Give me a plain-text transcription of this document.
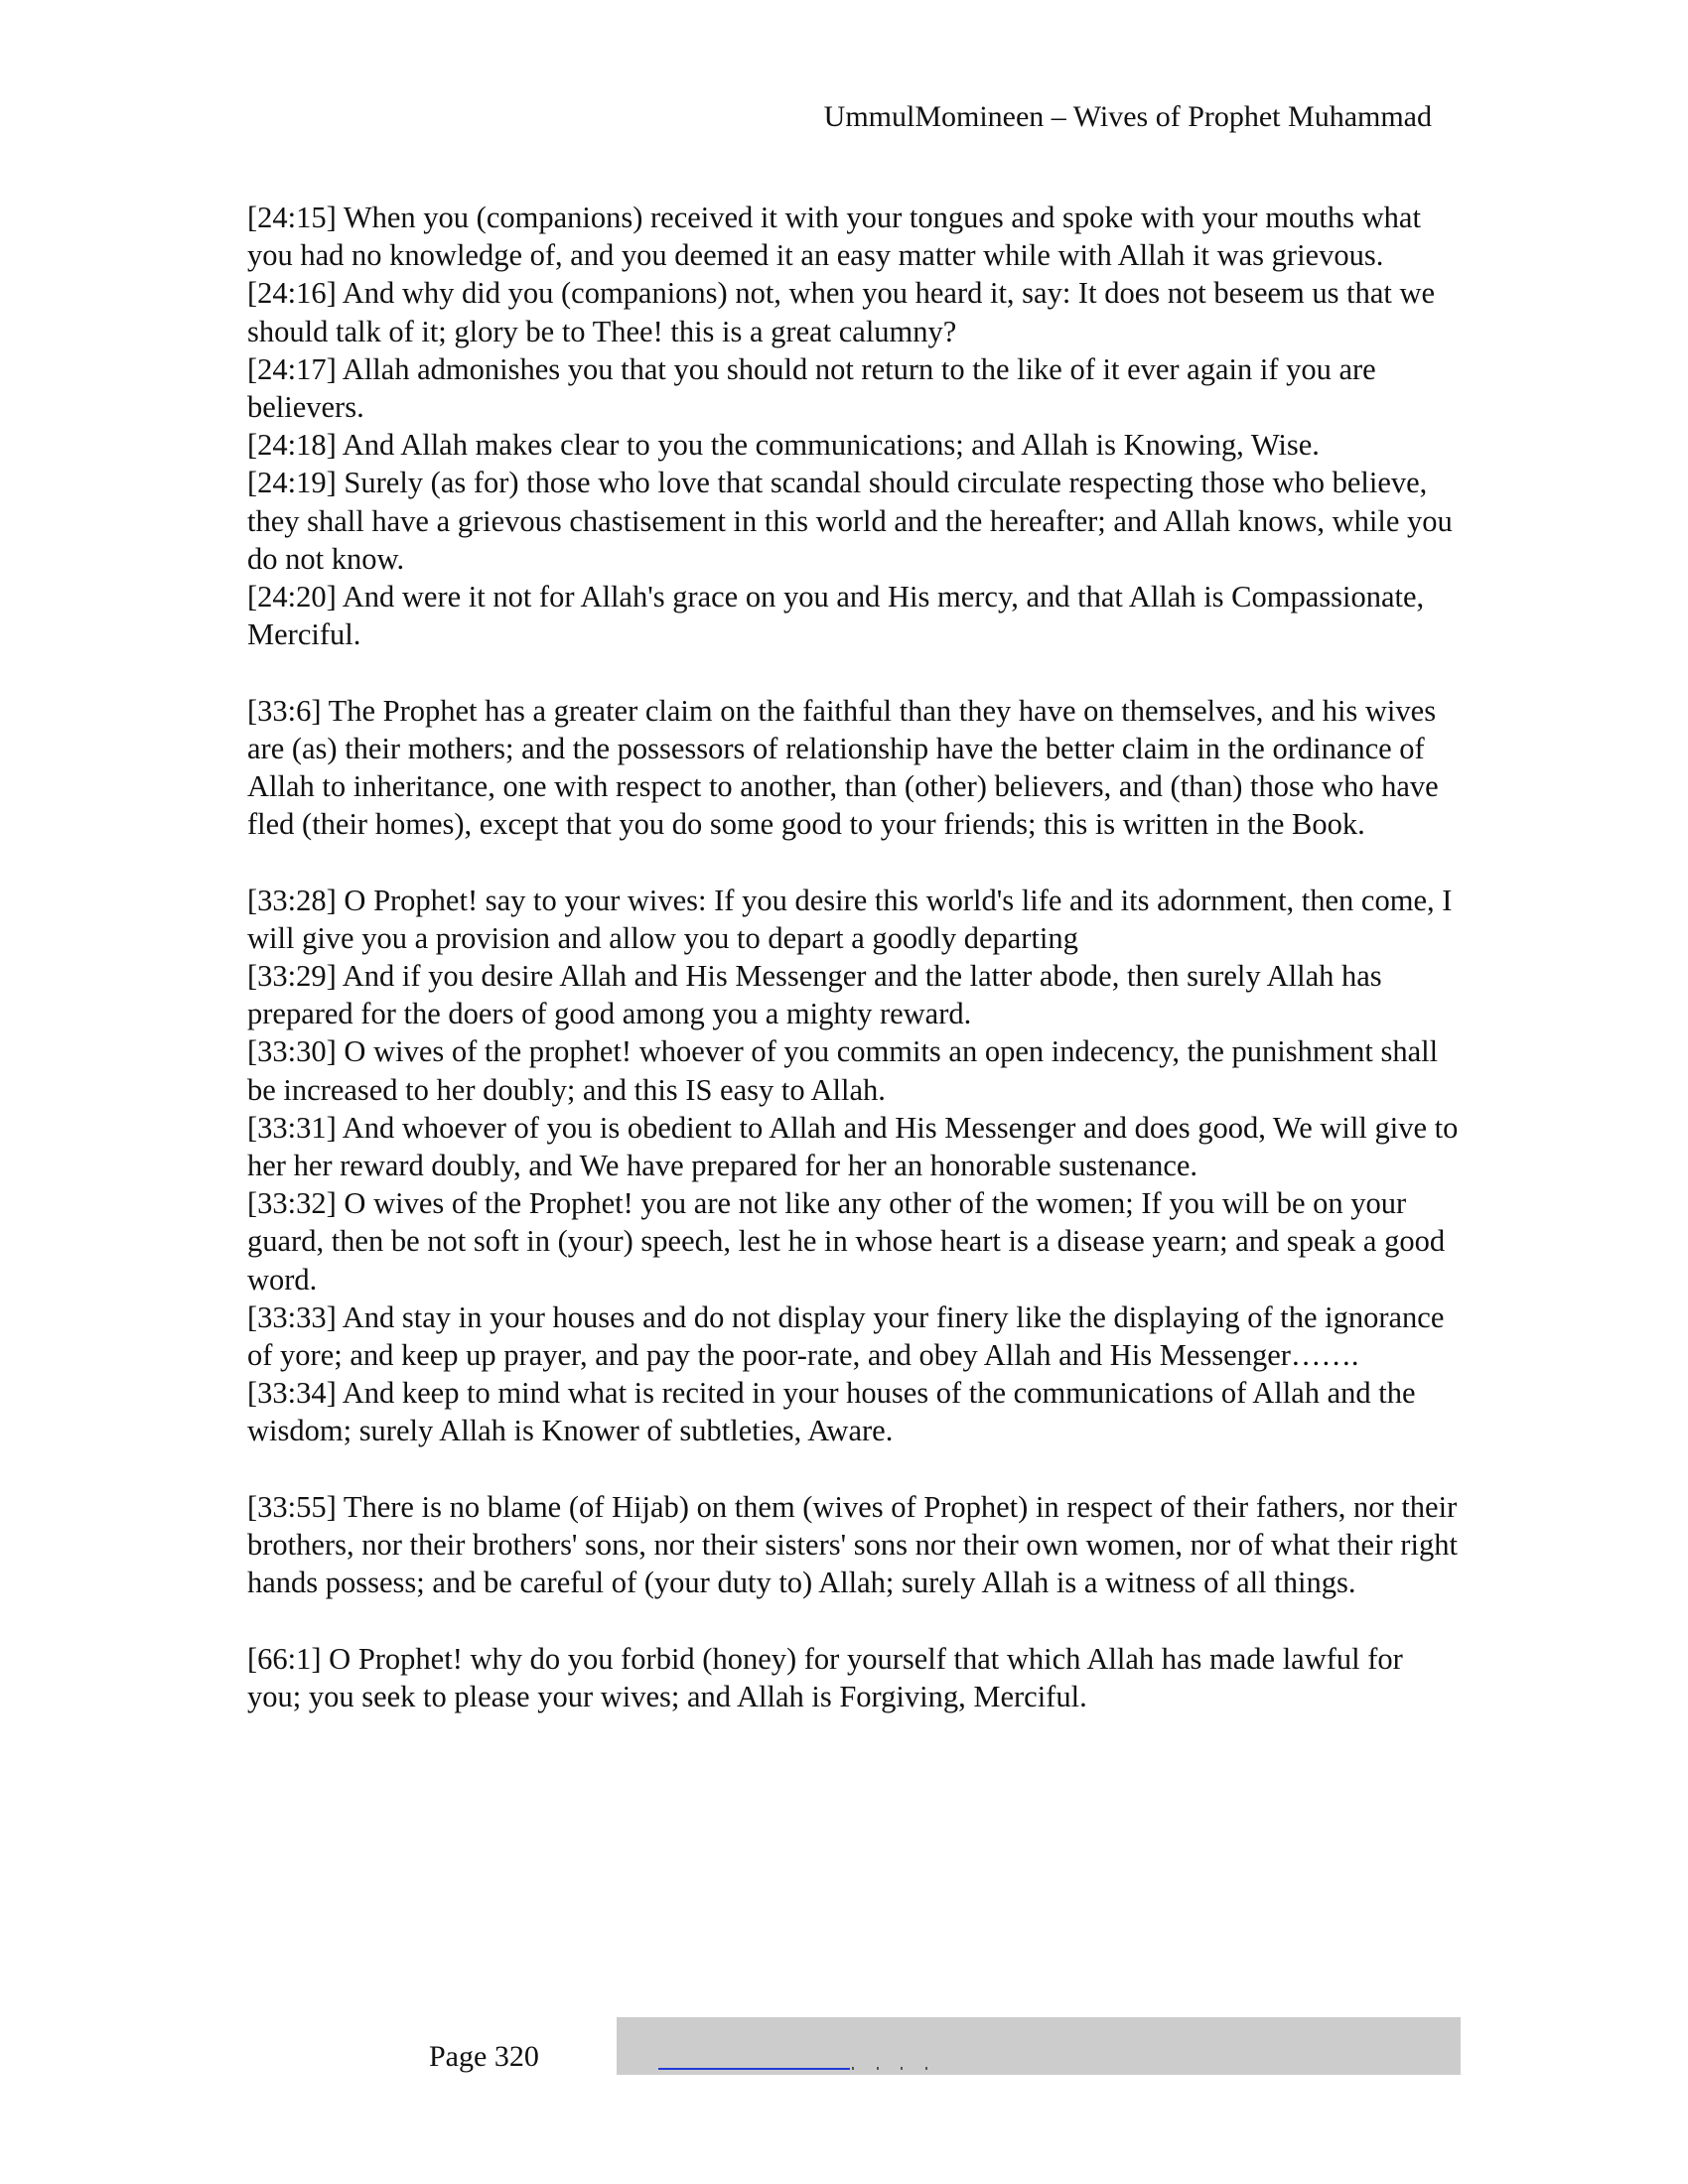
UmmulMomineen – Wives of Prophet Muhammad
[24:15] When you (companions) received it with your tongues and spoke with your mouths what you had no knowledge of, and you deemed it an easy matter while with Allah it was grievous.
[24:16] And why did you (companions) not, when you heard it, say: It does not beseem us that we should talk of it; glory be to Thee! this is a great calumny?
[24:17] Allah admonishes you that you should not return to the like of it ever again if you are believers.
[24:18] And Allah makes clear to you the communications; and Allah is Knowing, Wise.
[24:19] Surely (as for) those who love that scandal should circulate respecting those who believe, they shall have a grievous chastisement in this world and the hereafter; and Allah knows, while you do not know.
[24:20] And were it not for Allah's grace on you and His mercy, and that Allah is Compassionate, Merciful.
[33:6] The Prophet has a greater claim on the faithful than they have on themselves, and his wives are (as) their mothers; and the possessors of relationship have the better claim in the ordinance of Allah to inheritance, one with respect to another, than (other) believers, and (than) those who have fled (their homes), except that you do some good to your friends; this is written in the Book.
[33:28] O Prophet! say to your wives: If you desire this world's life and its adornment, then come, I will give you a provision and allow you to depart a goodly departing
[33:29] And if you desire Allah and His Messenger and the latter abode, then surely Allah has prepared for the doers of good among you a mighty reward.
[33:30] O wives of the prophet! whoever of you commits an open indecency, the punishment shall be increased to her doubly; and this IS easy to Allah.
[33:31] And whoever of you is obedient to Allah and His Messenger and does good, We will give to her her reward doubly, and We have prepared for her an honorable sustenance.
[33:32] O wives of the Prophet! you are not like any other of the women; If you will be on your guard, then be not soft in (your) speech, lest he in whose heart is a disease yearn; and speak a good word.
[33:33] And stay in your houses and do not display your finery like the displaying of the ignorance of yore; and keep up prayer, and pay the poor-rate, and obey Allah and His Messenger…….
[33:34] And keep to mind what is recited in your houses of the communications of Allah and the wisdom; surely Allah is Knower of subtleties, Aware.
[33:55] There is no blame (of Hijab) on them (wives of Prophet) in respect of their fathers, nor their brothers, nor their brothers' sons, nor their sisters' sons nor their own women, nor of what their right hands possess; and be careful of (your duty to) Allah; surely Allah is a witness of all things.
[66:1] O Prophet! why do you forbid (honey) for yourself that which Allah has made lawful for you; you seek to please your wives; and Allah is Forgiving, Merciful.
Page 320
